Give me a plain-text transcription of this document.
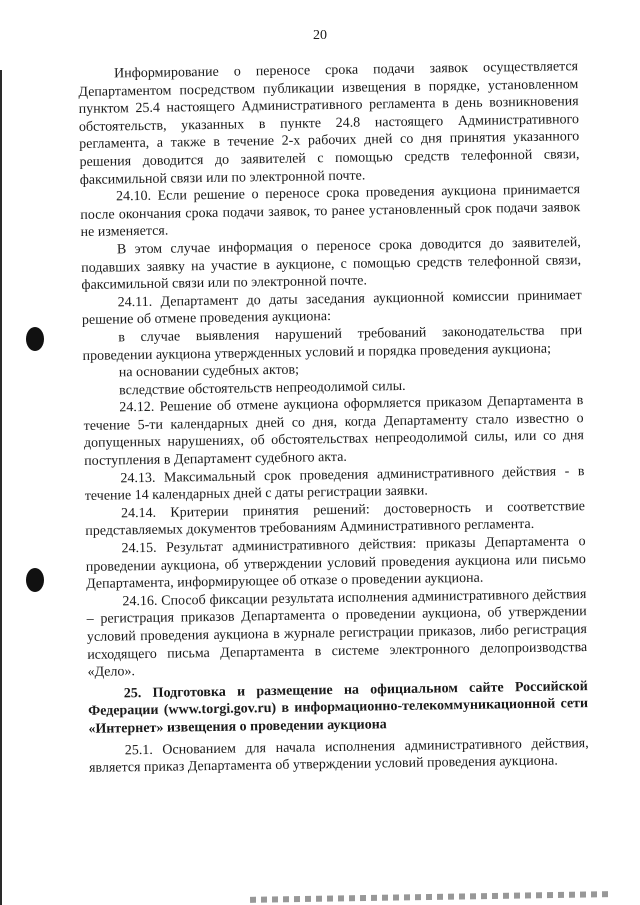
20

Информирование о переносе срока подачи заявок осуществляется Департаментом посредством публикации извещения в порядке, установленном пунктом 25.4 настоящего Административного регламента в день возникновения обстоятельств, указанных в пункте 24.8 настоящего Административного регламента, а также в течение 2-х рабочих дней со дня принятия указанного решения доводится до заявителей с помощью средств телефонной связи, факсимильной связи или по электронной почте.

24.10. Если решение о переносе срока проведения аукциона принимается после окончания срока подачи заявок, то ранее установленный срок подачи заявок не изменяется.

В этом случае информация о переносе срока доводится до заявителей, подавших заявку на участие в аукционе, с помощью средств телефонной связи, факсимильной связи или по электронной почте.

24.11. Департамент до даты заседания аукционной комиссии принимает решение об отмене проведения аукциона:

в случае выявления нарушений требований законодательства при проведении аукциона утвержденных условий и порядка проведения аукциона;

на основании судебных актов;

вследствие обстоятельств непреодолимой силы.

24.12. Решение об отмене аукциона оформляется приказом Департамента в течение 5-ти календарных дней со дня, когда Департаменту стало известно о допущенных нарушениях, об обстоятельствах непреодолимой силы, или со дня поступления в Департамент судебного акта.

24.13. Максимальный срок проведения административного действия - в течение 14 календарных дней с даты регистрации заявки.

24.14. Критерии принятия решений: достоверность и соответствие представляемых документов требованиям Административного регламента.

24.15. Результат административного действия: приказы Департамента о проведении аукциона, об утверждении условий проведения аукциона или письмо Департамента, информирующее об отказе о проведении аукциона.

24.16. Способ фиксации результата исполнения административного действия – регистрация приказов Департамента о проведении аукциона, об утверждении условий проведения аукциона в журнале регистрации приказов, либо регистрация исходящего письма Департамента в системе электронного делопроизводства «Дело».

25. Подготовка и размещение на официальном сайте Российской Федерации (www.torgi.gov.ru) в информационно-телекоммуникационной сети «Интернет» извещения о проведении аукциона

25.1. Основанием для начала исполнения административного действия, является приказ Департамента об утверждении условий проведения аукциона.
